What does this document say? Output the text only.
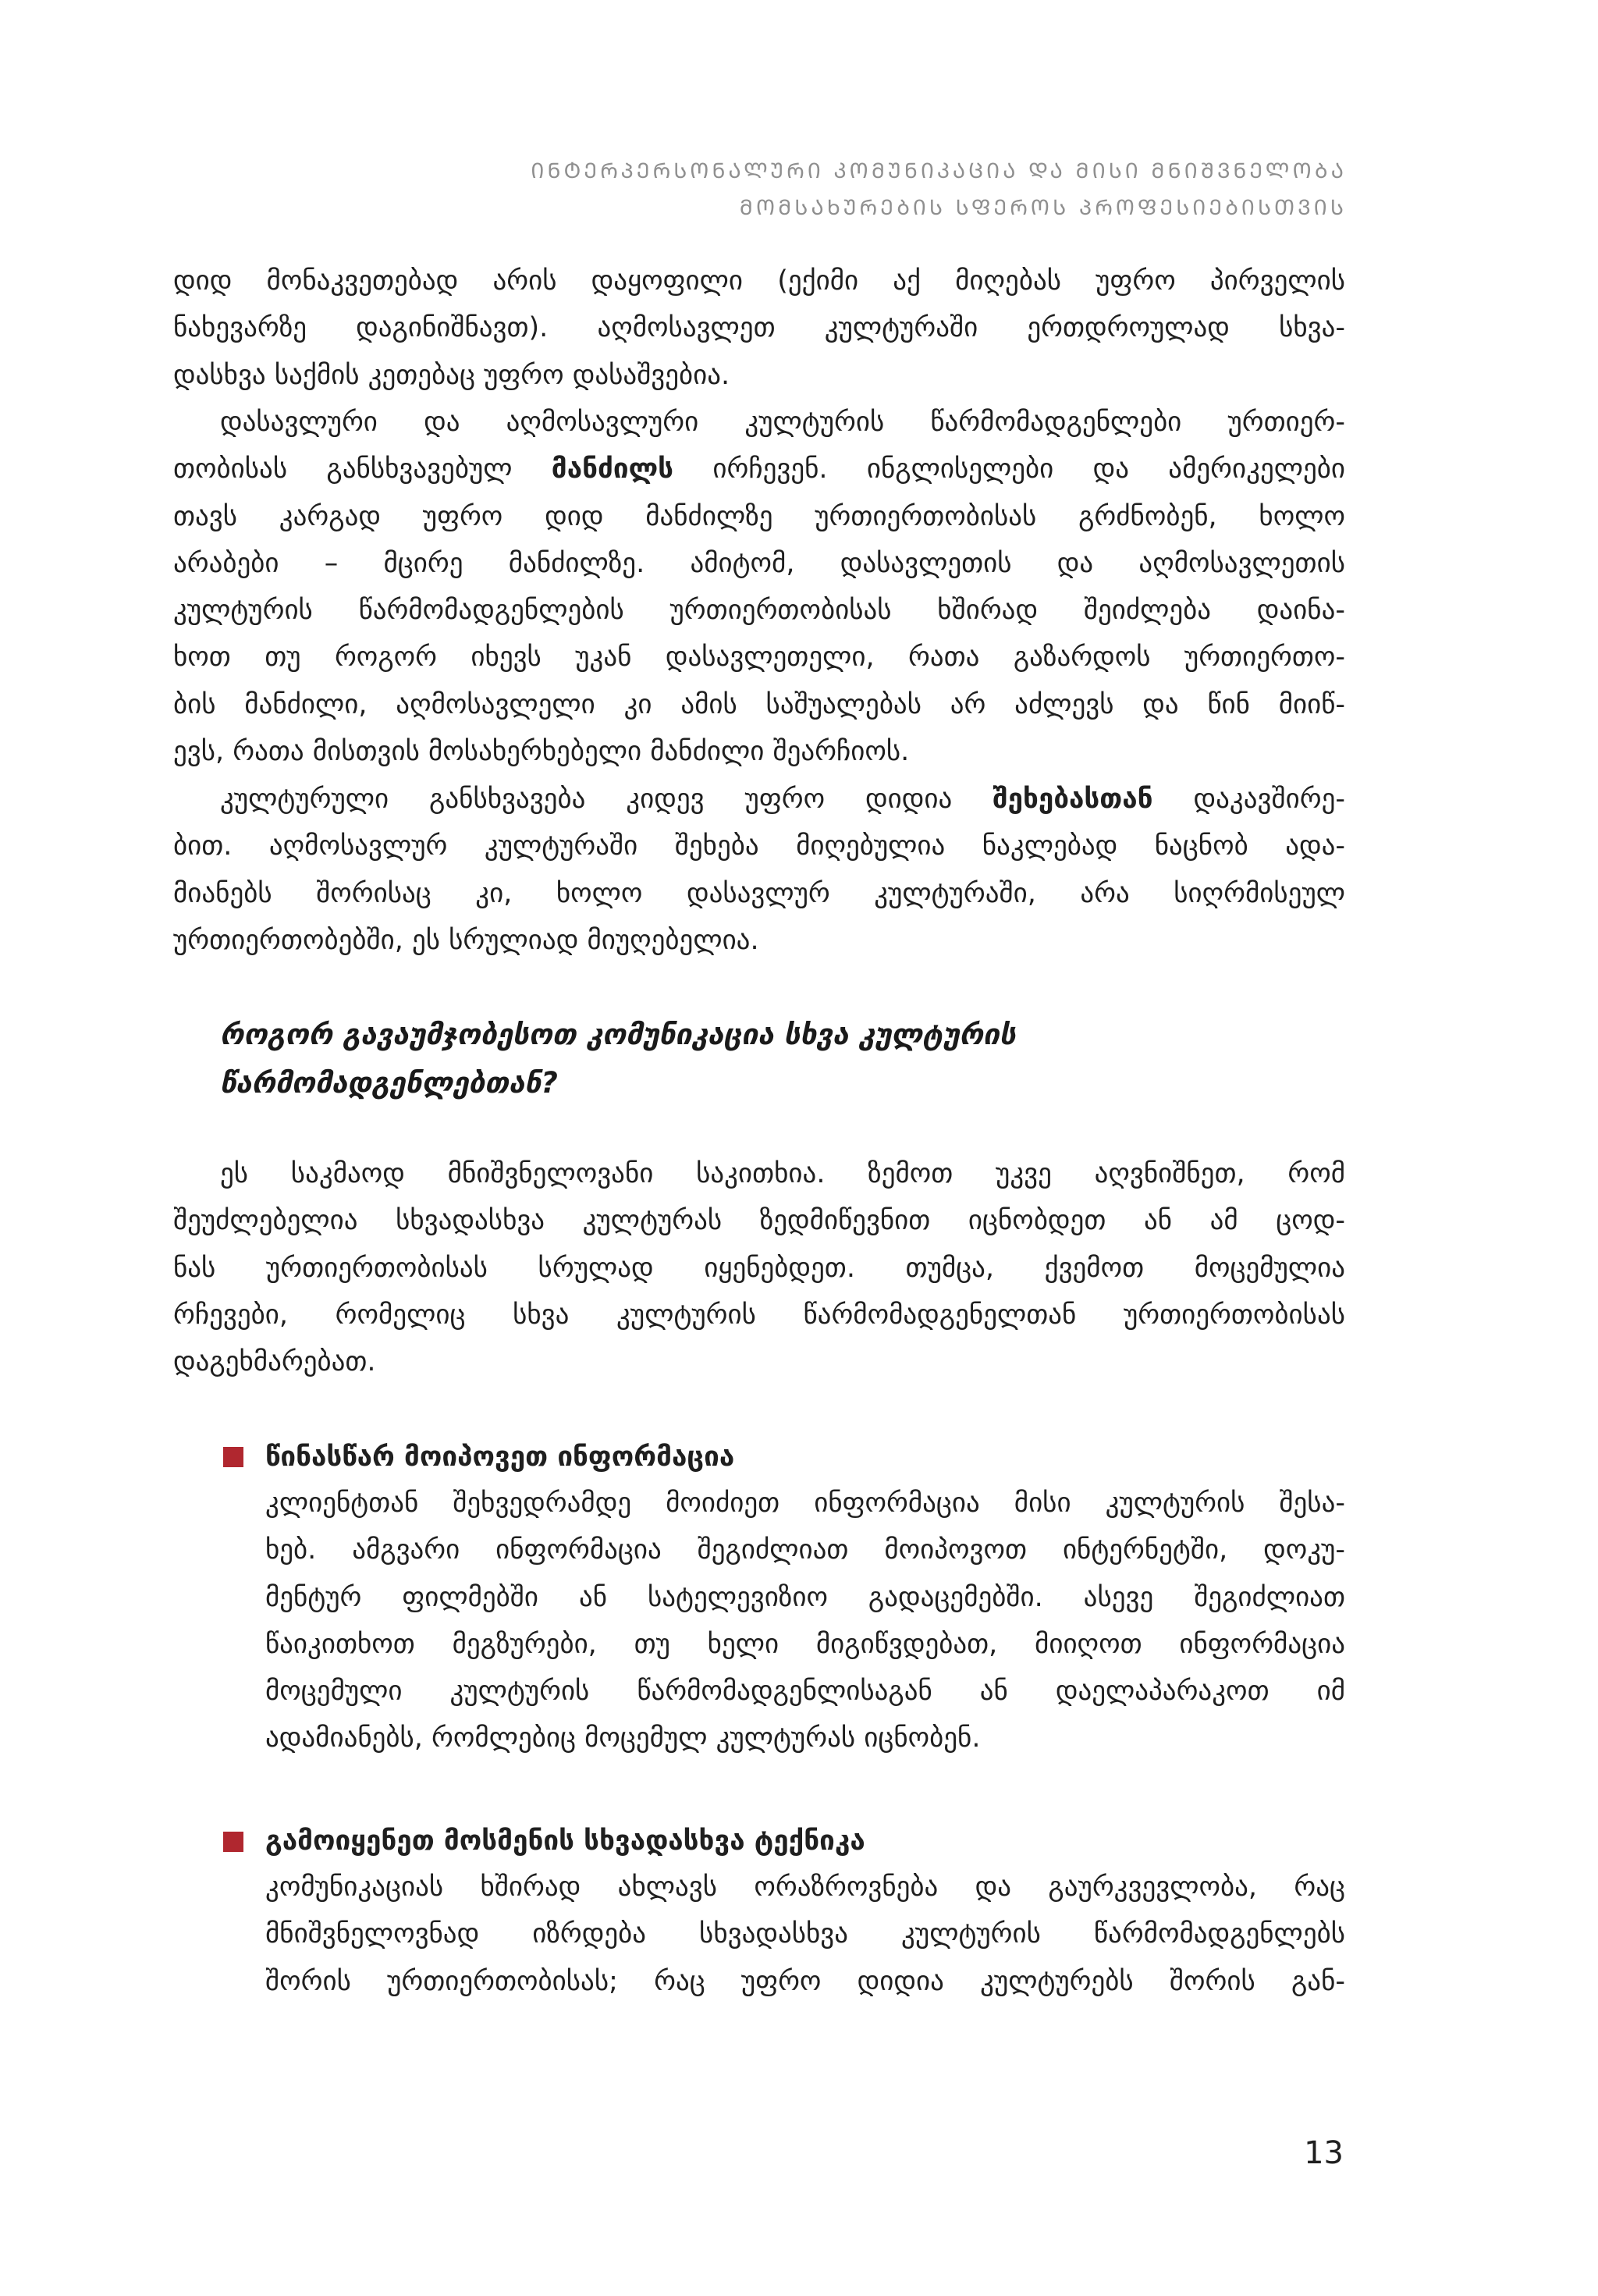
ᲘᲜᲢᲔᲠᲞᲔᲠᲡᲝᲜᲐᲚᲣᲠᲘ ᲙᲝᲛᲣᲜᲘᲙᲐᲪᲘᲐ ᲓᲐ ᲛᲘᲡᲘ ᲛᲜᲘᲨᲕᲜᲔᲚᲝᲑᲐ
ᲛᲝᲛᲡᲐᲮᲣᲠᲔᲑᲘᲡ ᲡᲤᲔᲠᲝᲡ ᲞᲠᲝᲤᲔᲡᲘᲔᲑᲘᲡᲗᲕᲘᲡ
დიდ მონაკვეთებად არის დაყოფილი (ექიმი აქ მიღებას უფრო პირველის
ნახევარზე დაგინიშნავთ). აღმოსავლეთ კულტურაში ერთდროულად სხვა-
დასხვა საქმის კეთებაც უფრო დასაშვებია.
დასავლური და აღმოსავლური კულტურის წარმომადგენლები ურთიერ-
თობისას განსხვავებულ მანძილს ირჩევენ. ინგლისელები და ამერიკელები
თავს კარგად უფრო დიდ მანძილზე ურთიერთობისას გრძნობენ, ხოლო
არაბები – მცირე მანძილზე. ამიტომ, დასავლეთის და აღმოსავლეთის
კულტურის წარმომადგენლების ურთიერთობისას ხშირად შეიძლება დაინა-
ხოთ თუ როგორ იხევს უკან დასავლეთელი, რათა გაზარდოს ურთიერთო-
ბის მანძილი, აღმოსავლელი კი ამის საშუალებას არ აძლევს და წინ მიიწ-
ევს, რათა მისთვის მოსახერხებელი მანძილი შეარჩიოს.
კულტურული განსხვავება კიდევ უფრო დიდია შეხებასთან დაკავშირე-
ბით. აღმოსავლურ კულტურაში შეხება მიღებულია ნაკლებად ნაცნობ ადა-
მიანებს შორისაც კი, ხოლო დასავლურ კულტურაში, არა სიღრმისეულ
ურთიერთობებში, ეს სრულიად მიუღებელია.
როგორ გავაუმჯობესოთ კომუნიკაცია სხვა კულტურის
წარმომადგენლებთან?
ეს საკმაოდ მნიშვნელოვანი საკითხია. ზემოთ უკვე აღვნიშნეთ, რომ
შეუძლებელია სხვადასხვა კულტურას ზედმიწევნით იცნობდეთ ან ამ ცოდ-
ნას ურთიერთობისას სრულად იყენებდეთ. თუმცა, ქვემოთ მოცემულია
რჩევები, რომელიც სხვა კულტურის წარმომადგენელთან ურთიერთობისას
დაგეხმარებათ.
წინასწარ მოიპოვეთ ინფორმაცია
კლიენტთან შეხვედრამდე მოიძიეთ ინფორმაცია მისი კულტურის შესა-
ხებ. ამგვარი ინფორმაცია შეგიძლიათ მოიპოვოთ ინტერნეტში, დოკუ-
მენტურ ფილმებში ან სატელევიზიო გადაცემებში. ასევე შეგიძლიათ
წაიკითხოთ მეგზურები, თუ ხელი მიგიწვდებათ, მიიღოთ ინფორმაცია
მოცემული კულტურის წარმომადგენლისაგან ან დაელაპარაკოთ იმ
ადამიანებს, რომლებიც მოცემულ კულტურას იცნობენ.
გამოიყენეთ მოსმენის სხვადასხვა ტექნიკა
კომუნიკაციას ხშირად ახლავს ორაზროვნება და გაურკვევლობა, რაც
მნიშვნელოვნად იზრდება სხვადასხვა კულტურის წარმომადგენლებს
შორის ურთიერთობისას; რაც უფრო დიდია კულტურებს შორის გან-
13
